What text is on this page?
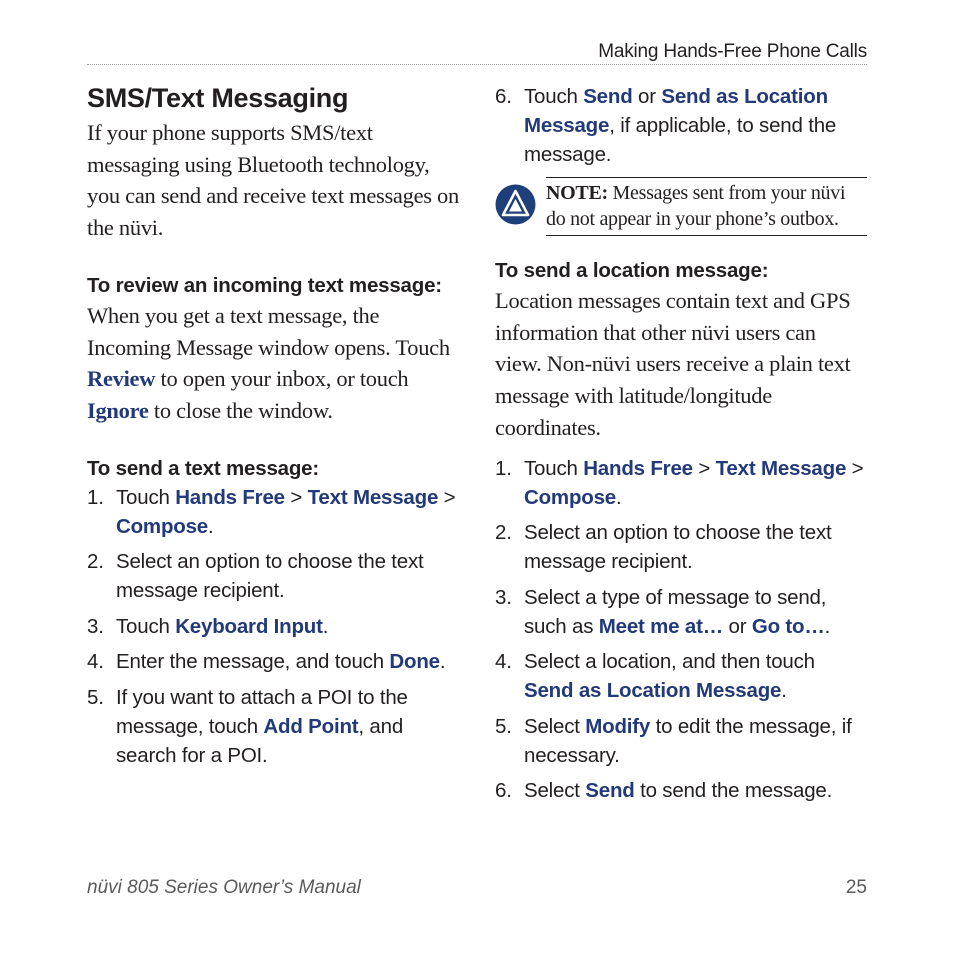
Making Hands-Free Phone Calls
SMS/Text Messaging

If your phone supports SMS/text messaging using Bluetooth technology, you can send and receive text messages on the nüvi.

To review an incoming text message:

When you get a text message, the Incoming Message window opens. Touch Review to open your inbox, or touch Ignore to close the window.

To send a text message:
1. Touch Hands Free > Text Message > Compose.
2. Select an option to choose the text message recipient.
3. Touch Keyboard Input.
4. Enter the message, and touch Done.
5. If you want to attach a POI to the message, touch Add Point, and search for a POI.
6. Touch Send or Send as Location Message, if applicable, to send the message.
NOTE: Messages sent from your nüvi do not appear in your phone’s outbox.
To send a location message:

Location messages contain text and GPS information that other nüvi users can view. Non-nüvi users receive a plain text message with latitude/longitude coordinates.

1. Touch Hands Free > Text Message > Compose.
2. Select an option to choose the text message recipient.
3. Select a type of message to send, such as Meet me at… or Go to….
4. Select a location, and then touch Send as Location Message.
5. Select Modify to edit the message, if necessary.
6. Select Send to send the message.
nüvi 805 Series Owner’s Manual	25
